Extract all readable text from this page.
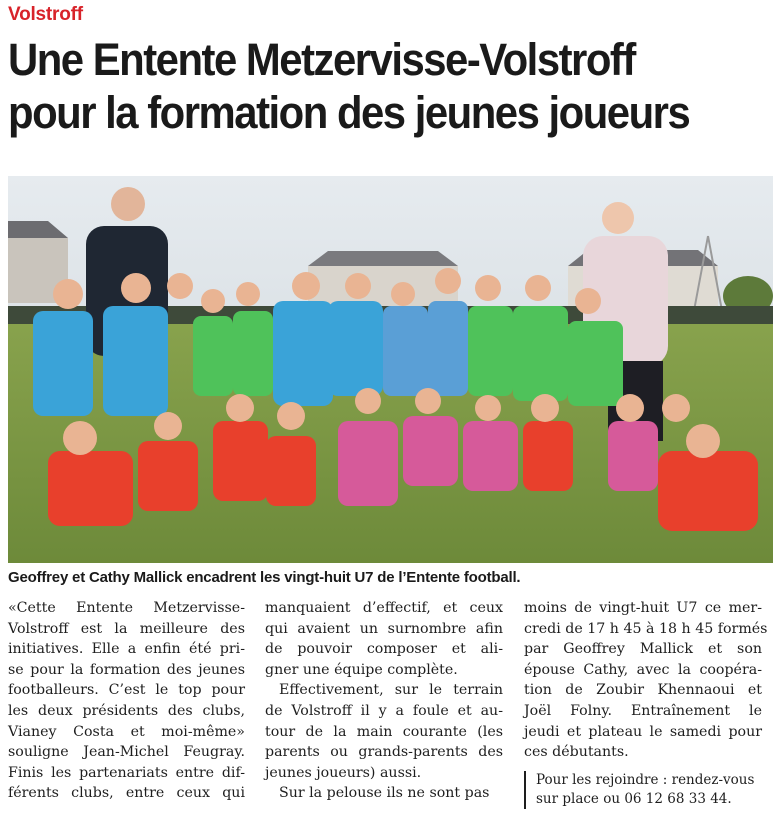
Volstroff
Une Entente Metzervisse-Volstroff
pour la formation des jeunes joueurs
Geoffrey et Cathy Mallick encadrent les vingt-huit U7 de l’Entente football.
«Cette Entente Metzervisse-
Volstroff est la meilleure des
initiatives. Elle a enfin été pri-
se pour la formation des jeunes
footballeurs. C’est le top pour
les deux présidents des clubs,
Vianey Costa et moi-même»
souligne Jean-Michel Feugray.
Finis les partenariats entre dif-
férents clubs, entre ceux qui
manquaient d’effectif, et ceux
qui avaient un surnombre afin
de pouvoir composer et ali-
gner une équipe complète.
Effectivement, sur le terrain
de Volstroff il y a foule et au-
tour de la main courante (les
parents ou grands-parents des
jeunes joueurs) aussi.
Sur la pelouse ils ne sont pas
moins de vingt-huit U7 ce mer-
credi de 17 h 45 à 18 h 45 formés
par Geoffrey Mallick et son
épouse Cathy, avec la coopéra-
tion de Zoubir Khennaoui et
Joël Folny. Entraînement le
jeudi et plateau le samedi pour
ces débutants.
Pour les rejoindre : rendez-vous
sur place ou 06 12 68 33 44.
